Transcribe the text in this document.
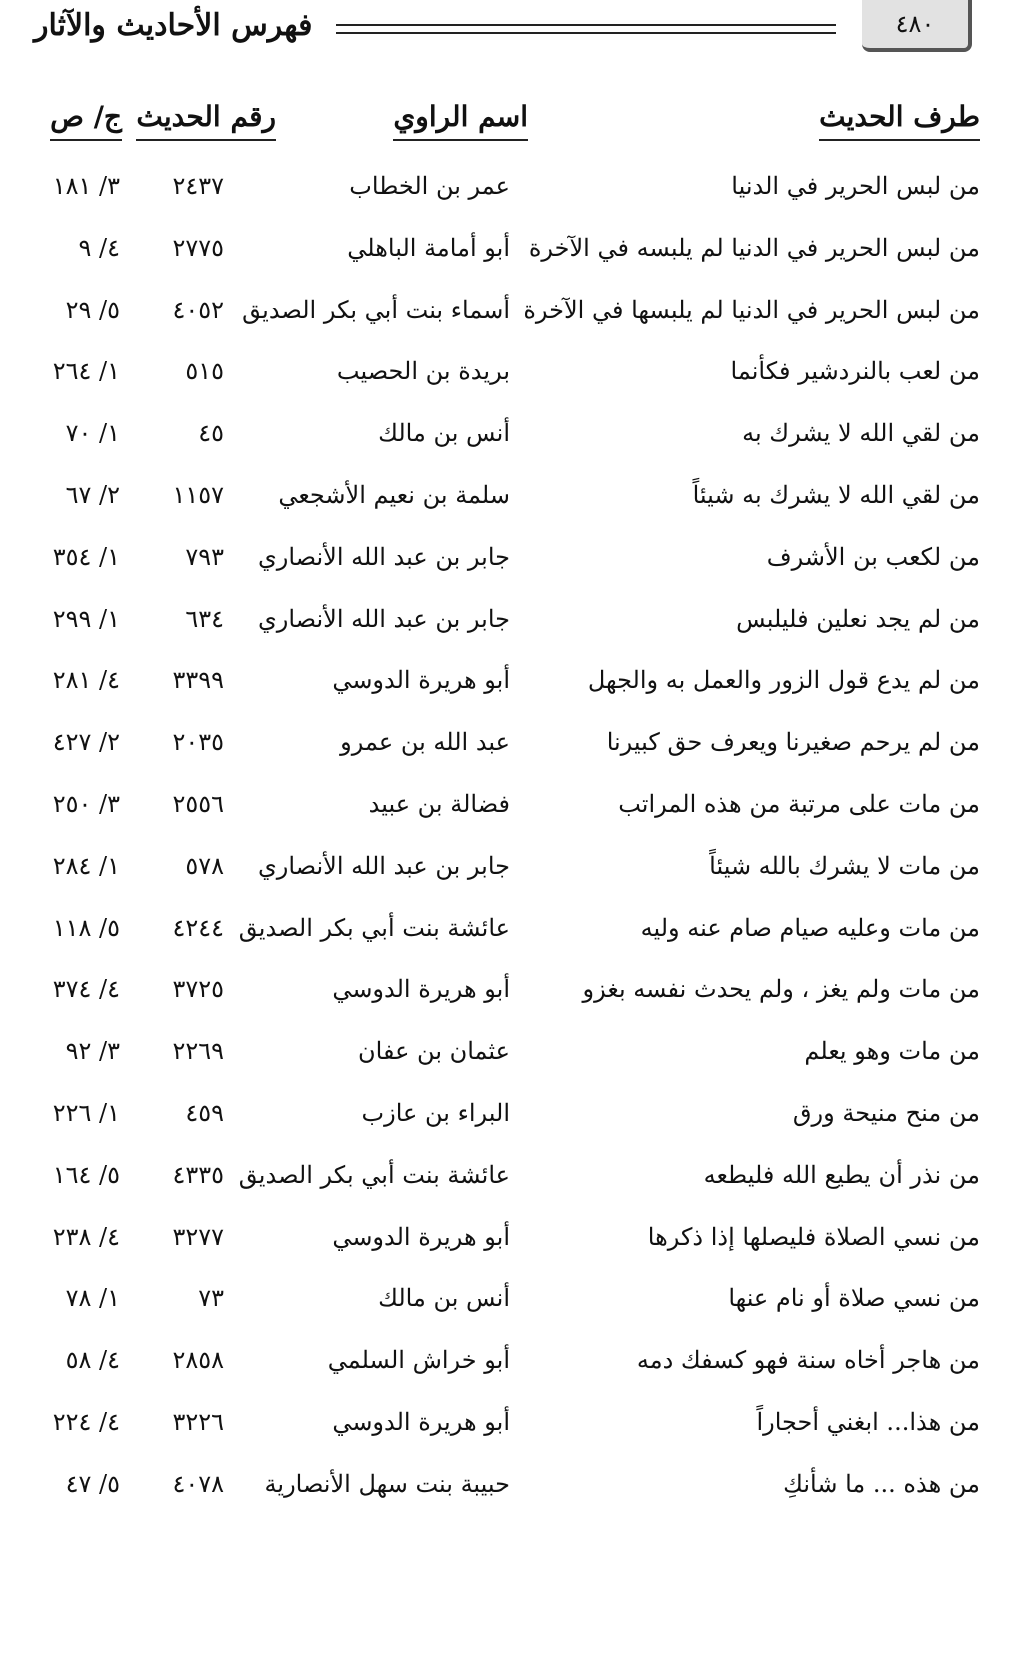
فهرس الأحاديث والآثار	٤٨٠
طرف الحديث
اسم الراوي
رقم الحديث
ج/ ص
من لبس الحرير في الدنيا
عمر بن الخطاب
٢٤٣٧
٣/ ١٨١
من لبس الحرير في الدنيا لم يلبسه في الآخرة
أبو أمامة الباهلي
٢٧٧٥
٤/ ٩
من لبس الحرير في الدنيا لم يلبسها في الآخرة
أسماء بنت أبي بكر الصديق
٤٠٥٢
٥/ ٢٩
من لعب بالنردشير فكأنما
بريدة بن الحصيب
٥١٥
١/ ٢٦٤
من لقي الله لا يشرك به
أنس بن مالك
٤٥
١/ ٧٠
من لقي الله لا يشرك به شيئاً
سلمة بن نعيم الأشجعي
١١٥٧
٢/ ٦٧
من لكعب بن الأشرف
جابر بن عبد الله الأنصاري
٧٩٣
١/ ٣٥٤
من لم يجد نعلين فليلبس
جابر بن عبد الله الأنصاري
٦٣٤
١/ ٢٩٩
من لم يدع قول الزور والعمل به والجهل
أبو هريرة الدوسي
٣٣٩٩
٤/ ٢٨١
من لم يرحم صغيرنا ويعرف حق كبيرنا
عبد الله بن عمرو
٢٠٣٥
٢/ ٤٢٧
من مات على مرتبة من هذه المراتب
فضالة بن عبيد
٢٥٥٦
٣/ ٢٥٠
من مات لا يشرك بالله شيئاً
جابر بن عبد الله الأنصاري
٥٧٨
١/ ٢٨٤
من مات وعليه صيام صام عنه وليه
عائشة بنت أبي بكر الصديق
٤٢٤٤
٥/ ١١٨
من مات ولم يغز ، ولم يحدث نفسه بغزو
أبو هريرة الدوسي
٣٧٢٥
٤/ ٣٧٤
من مات وهو يعلم
عثمان بن عفان
٢٢٦٩
٣/ ٩٢
من منح منيحة ورق
البراء بن عازب
٤٥٩
١/ ٢٢٦
من نذر أن يطيع الله فليطعه
عائشة بنت أبي بكر الصديق
٤٣٣٥
٥/ ١٦٤
من نسي الصلاة فليصلها إذا ذكرها
أبو هريرة الدوسي
٣٢٧٧
٤/ ٢٣٨
من نسي صلاة أو نام عنها
أنس بن مالك
٧٣
١/ ٧٨
من هاجر أخاه سنة فهو كسفك دمه
أبو خراش السلمي
٢٨٥٨
٤/ ٥٨
من هذا... ابغني أحجاراً
أبو هريرة الدوسي
٣٢٢٦
٤/ ٢٢٤
من هذه ... ما شأنكِ
حبيبة بنت سهل الأنصارية
٤٠٧٨
٥/ ٤٧
